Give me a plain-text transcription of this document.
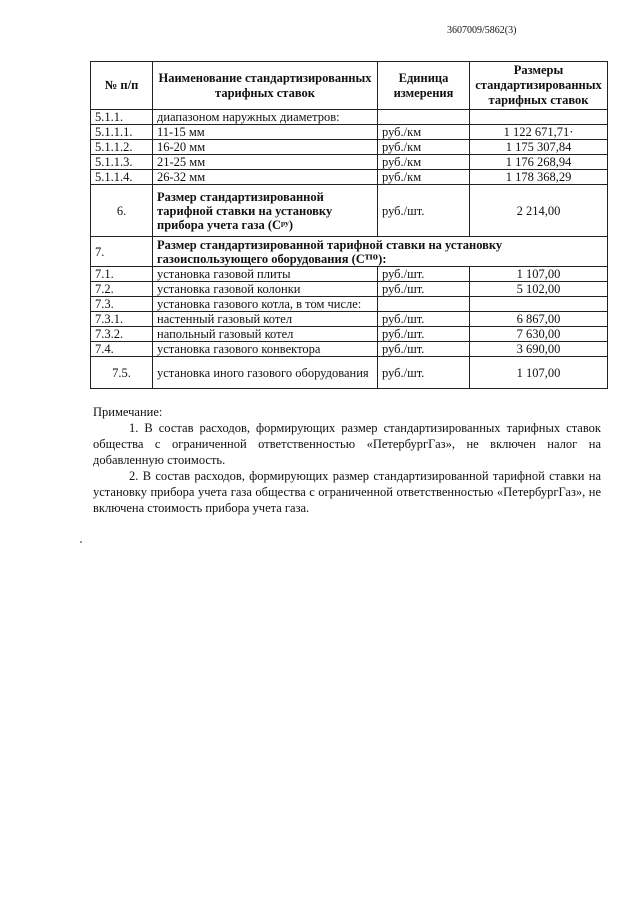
3607009/5862(3)
№ п/п	Наименование стандартизированных тарифных ставок	Единица измерения	Размеры стандартизированных тарифных ставок
5.1.1.	диапазоном наружных диаметров:		
5.1.1.1.	11-15 мм	руб./км	1 122 671,71·
5.1.1.2.	16-20 мм	руб./км	1 175 307,84
5.1.1.3.	21-25 мм	руб./км	1 176 268,94
5.1.1.4.	26-32 мм	руб./км	1 178 368,29
6.	Размер стандартизированной тарифной ставки на установку прибора учета газа (Cᵖʸ)	руб./шт.	2 214,00
7.	Размер стандартизированной тарифной ставки на установку газоиспользующего оборудования (Cᵀᴵᴼ):		
7.1.	установка газовой плиты	руб./шт.	1 107,00
7.2.	установка газовой колонки	руб./шт.	5 102,00
7.3.	установка газового котла, в том числе:		
7.3.1.	настенный газовый котел	руб./шт.	6 867,00
7.3.2.	напольный газовый котел	руб./шт.	7 630,00
7.4.	установка газового конвектора	руб./шт.	3 690,00
7.5.	установка иного газового оборудования	руб./шт.	1 107,00

Примечание:

1. В состав расходов, формирующих размер стандартизированных тарифных ставок общества с ограниченной ответственностью «ПетербургГаз», не включен налог на добавленную стоимость.

2. В состав расходов, формирующих размер стандартизированной тарифной ставки на установку прибора учета газа общества с ограниченной ответственностью «ПетербургГаз», не включена стоимость прибора учета газа.
